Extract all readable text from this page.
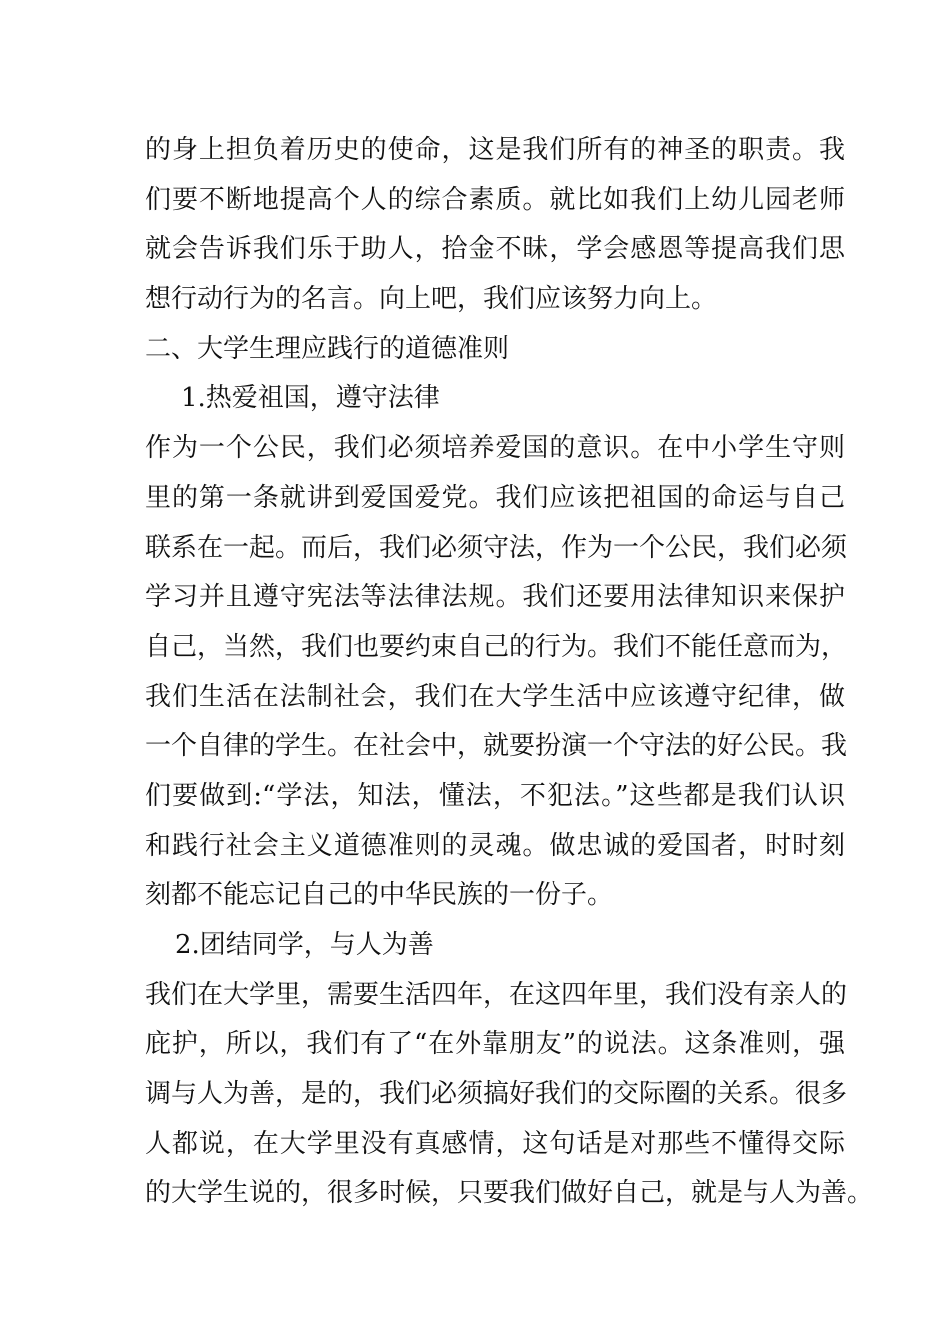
的身上担负着历史的使命，这是我们所有的神圣的职责。我
们要不断地提高个人的综合素质。就比如我们上幼儿园老师
就会告诉我们乐于助人，拾金不昧，学会感恩等提高我们思
想行动行为的名言。向上吧，我们应该努力向上。
二、大学生理应践行的道德准则
1.热爱祖国，遵守法律
作为一个公民，我们必须培养爱国的意识。在中小学生守则
里的第一条就讲到爱国爱党。我们应该把祖国的命运与自己
联系在一起。而后，我们必须守法，作为一个公民，我们必须
学习并且遵守宪法等法律法规。我们还要用法律知识来保护
自己，当然，我们也要约束自己的行为。我们不能任意而为，
我们生活在法制社会，我们在大学生活中应该遵守纪律，做
一个自律的学生。在社会中，就要扮演一个守法的好公民。我
们要做到:“学法，知法，懂法，不犯法。”这些都是我们认识
和践行社会主义道德准则的灵魂。做忠诚的爱国者，时时刻
刻都不能忘记自己的中华民族的一份子。
2.团结同学，与人为善
我们在大学里，需要生活四年，在这四年里，我们没有亲人的
庇护，所以，我们有了“在外靠朋友”的说法。这条准则，强
调与人为善，是的，我们必须搞好我们的交际圈的关系。很多
人都说，在大学里没有真感情，这句话是对那些不懂得交际
的大学生说的，很多时候，只要我们做好自己，就是与人为善。
